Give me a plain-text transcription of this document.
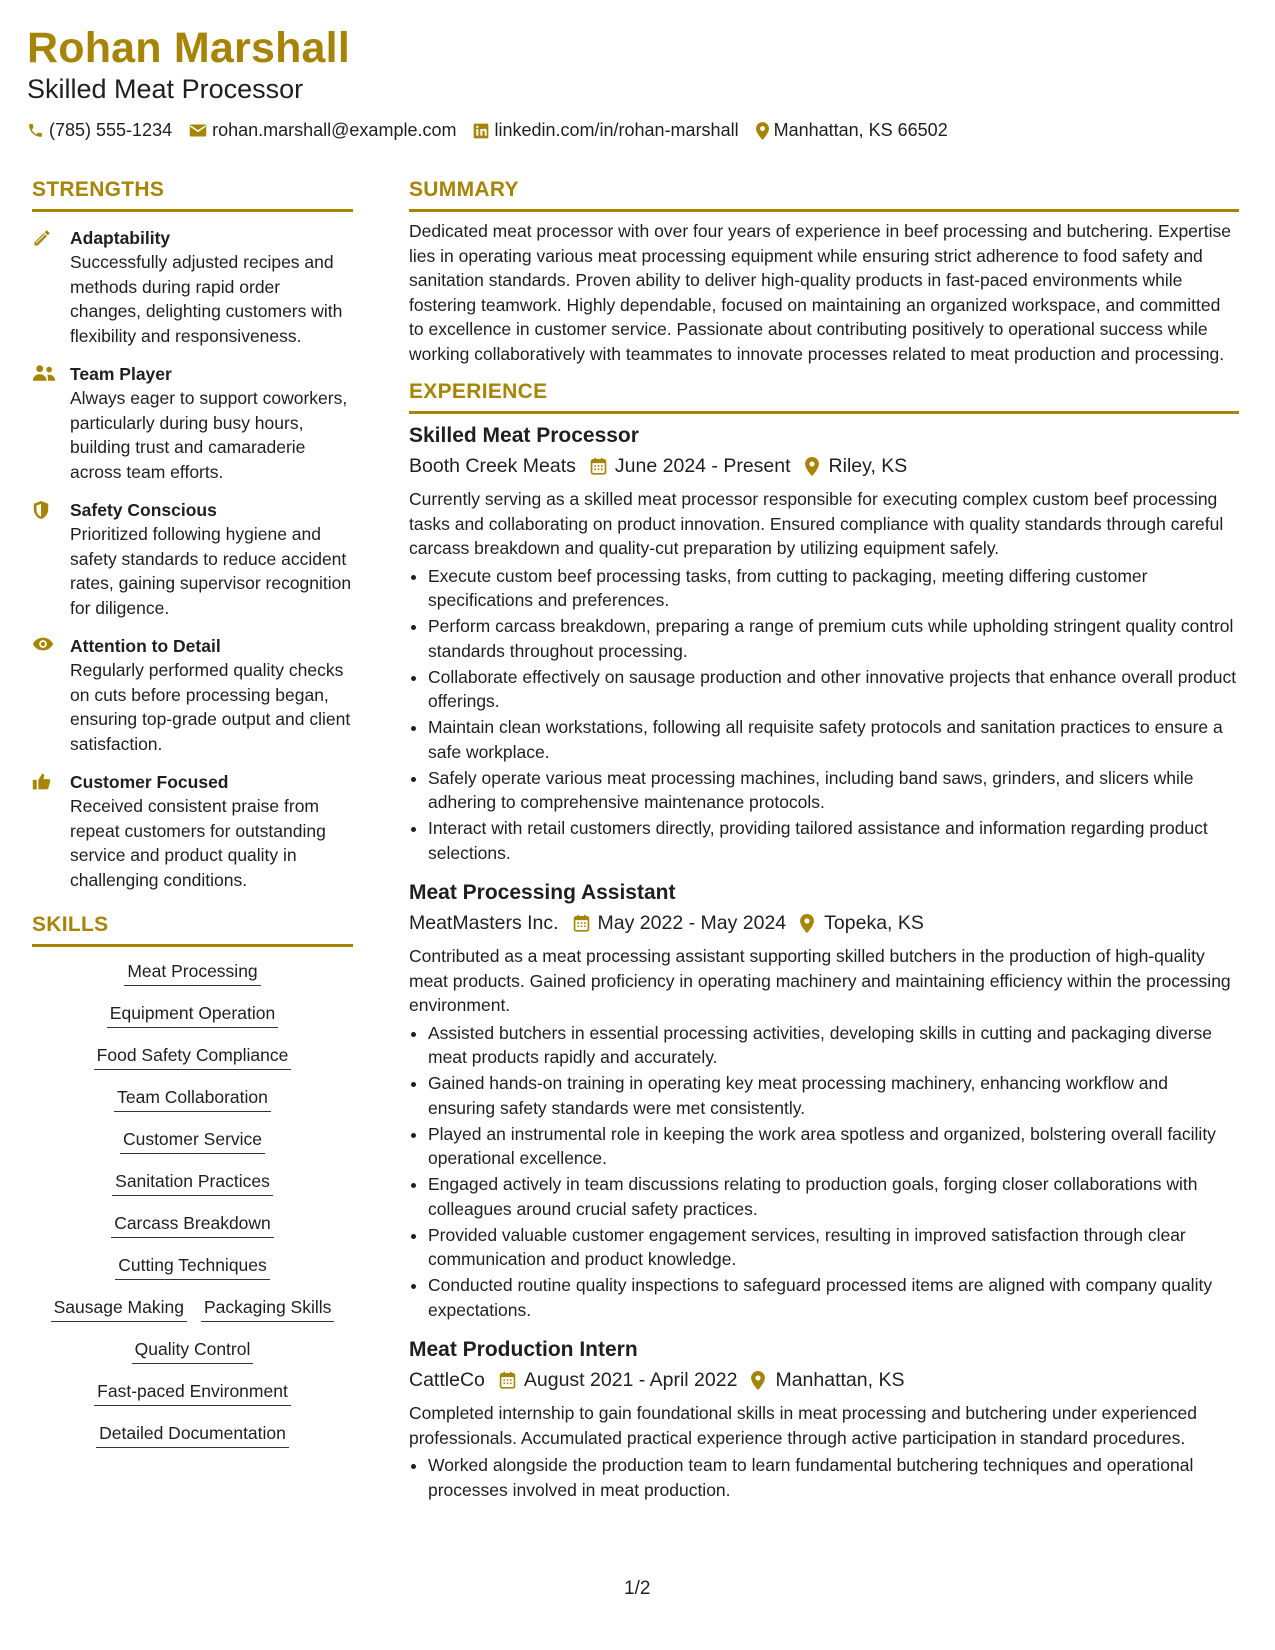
Rohan Marshall
Skilled Meat Processor
(785) 555-1234 rohan.marshall@example.com linkedin.com/in/rohan-marshall Manhattan, KS 66502
STRENGTHS
Adaptability
Successfully adjusted recipes and methods during rapid order changes, delighting customers with flexibility and responsiveness.
Team Player
Always eager to support coworkers, particularly during busy hours, building trust and camaraderie across team efforts.
Safety Conscious
Prioritized following hygiene and safety standards to reduce accident rates, gaining supervisor recognition for diligence.
Attention to Detail
Regularly performed quality checks on cuts before processing began, ensuring top-grade output and client satisfaction.
Customer Focused
Received consistent praise from repeat customers for outstanding service and product quality in challenging conditions.
SKILLS
Meat Processing
Equipment Operation
Food Safety Compliance
Team Collaboration
Customer Service
Sanitation Practices
Carcass Breakdown
Cutting Techniques
Sausage Making Packaging Skills
Quality Control
Fast-paced Environment
Detailed Documentation
SUMMARY
Dedicated meat processor with over four years of experience in beef processing and butchering. Expertise lies in operating various meat processing equipment while ensuring strict adherence to food safety and sanitation standards. Proven ability to deliver high-quality products in fast-paced environments while fostering teamwork. Highly dependable, focused on maintaining an organized workspace, and committed to excellence in customer service. Passionate about contributing positively to operational success while working collaboratively with teammates to innovate processes related to meat production and processing.
EXPERIENCE
Skilled Meat Processor
Booth Creek Meats June 2024 - Present Riley, KS
Currently serving as a skilled meat processor responsible for executing complex custom beef processing tasks and collaborating on product innovation. Ensured compliance with quality standards through careful carcass breakdown and quality-cut preparation by utilizing equipment safely.
• Execute custom beef processing tasks, from cutting to packaging, meeting differing customer specifications and preferences.
• Perform carcass breakdown, preparing a range of premium cuts while upholding stringent quality control standards throughout processing.
• Collaborate effectively on sausage production and other innovative projects that enhance overall product offerings.
• Maintain clean workstations, following all requisite safety protocols and sanitation practices to ensure a safe workplace.
• Safely operate various meat processing machines, including band saws, grinders, and slicers while adhering to comprehensive maintenance protocols.
• Interact with retail customers directly, providing tailored assistance and information regarding product selections.
Meat Processing Assistant
MeatMasters Inc. May 2022 - May 2024 Topeka, KS
Contributed as a meat processing assistant supporting skilled butchers in the production of high-quality meat products. Gained proficiency in operating machinery and maintaining efficiency within the processing environment.
• Assisted butchers in essential processing activities, developing skills in cutting and packaging diverse meat products rapidly and accurately.
• Gained hands-on training in operating key meat processing machinery, enhancing workflow and ensuring safety standards were met consistently.
• Played an instrumental role in keeping the work area spotless and organized, bolstering overall facility operational excellence.
• Engaged actively in team discussions relating to production goals, forging closer collaborations with colleagues around crucial safety practices.
• Provided valuable customer engagement services, resulting in improved satisfaction through clear communication and product knowledge.
• Conducted routine quality inspections to safeguard processed items are aligned with company quality expectations.
Meat Production Intern
CattleCo August 2021 - April 2022 Manhattan, KS
Completed internship to gain foundational skills in meat processing and butchering under experienced professionals. Accumulated practical experience through active participation in standard procedures.
• Worked alongside the production team to learn fundamental butchering techniques and operational processes involved in meat production.
1/2
